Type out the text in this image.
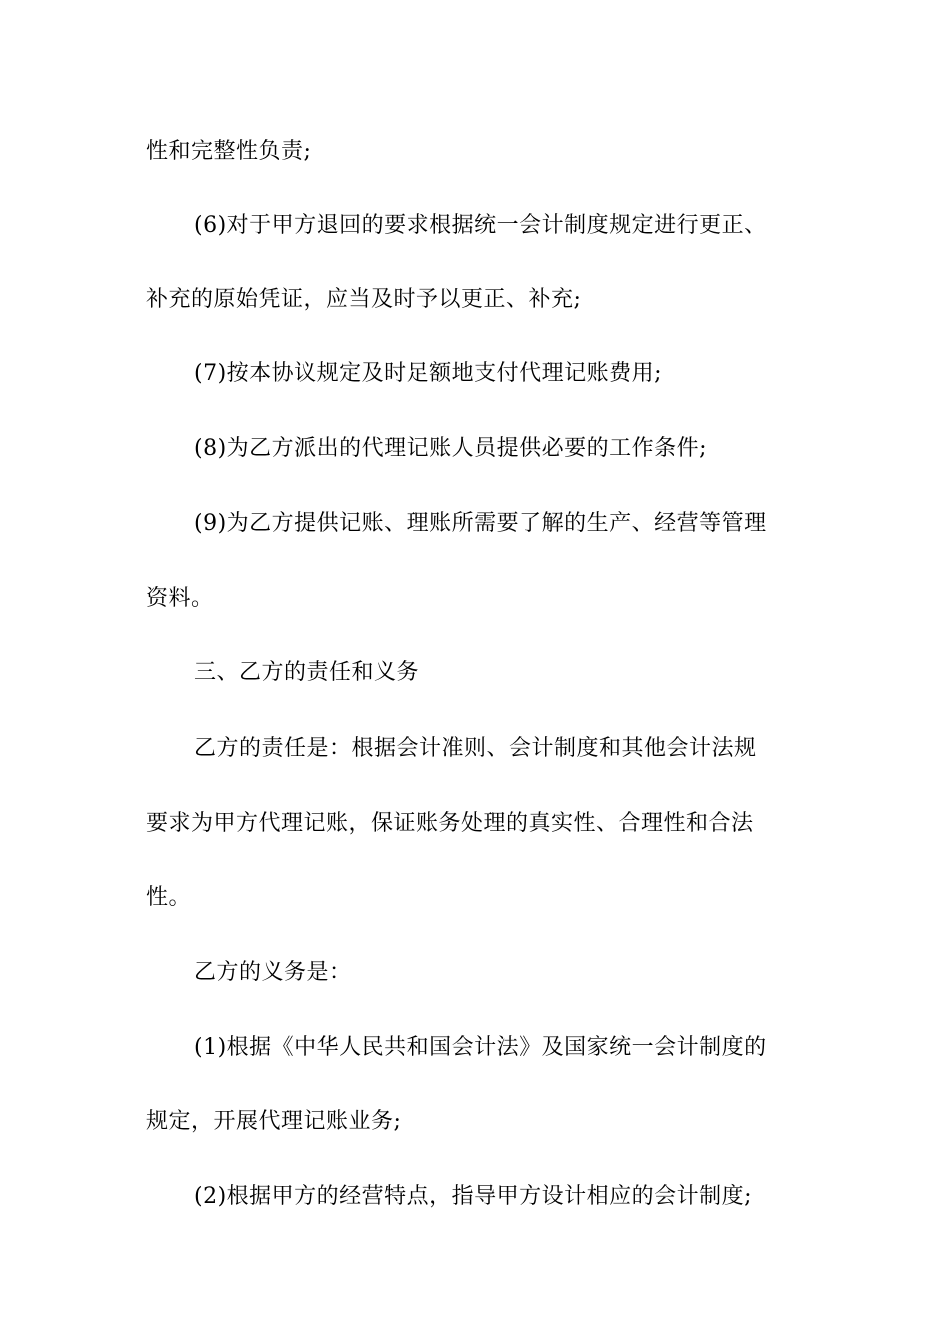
性和完整性负责;
(6)对于甲方退回的要求根据统一会计制度规定进行更正、
补充的原始凭证，应当及时予以更正、补充;
(7)按本协议规定及时足额地支付代理记账费用;
(8)为乙方派出的代理记账人员提供必要的工作条件;
(9)为乙方提供记账、理账所需要了解的生产、经营等管理
资料。
三、乙方的责任和义务
乙方的责任是：根据会计准则、会计制度和其他会计法规
要求为甲方代理记账，保证账务处理的真实性、合理性和合法
性。
乙方的义务是：
(1)根据《中华人民共和国会计法》及国家统一会计制度的
规定，开展代理记账业务;
(2)根据甲方的经营特点，指导甲方设计相应的会计制度;
